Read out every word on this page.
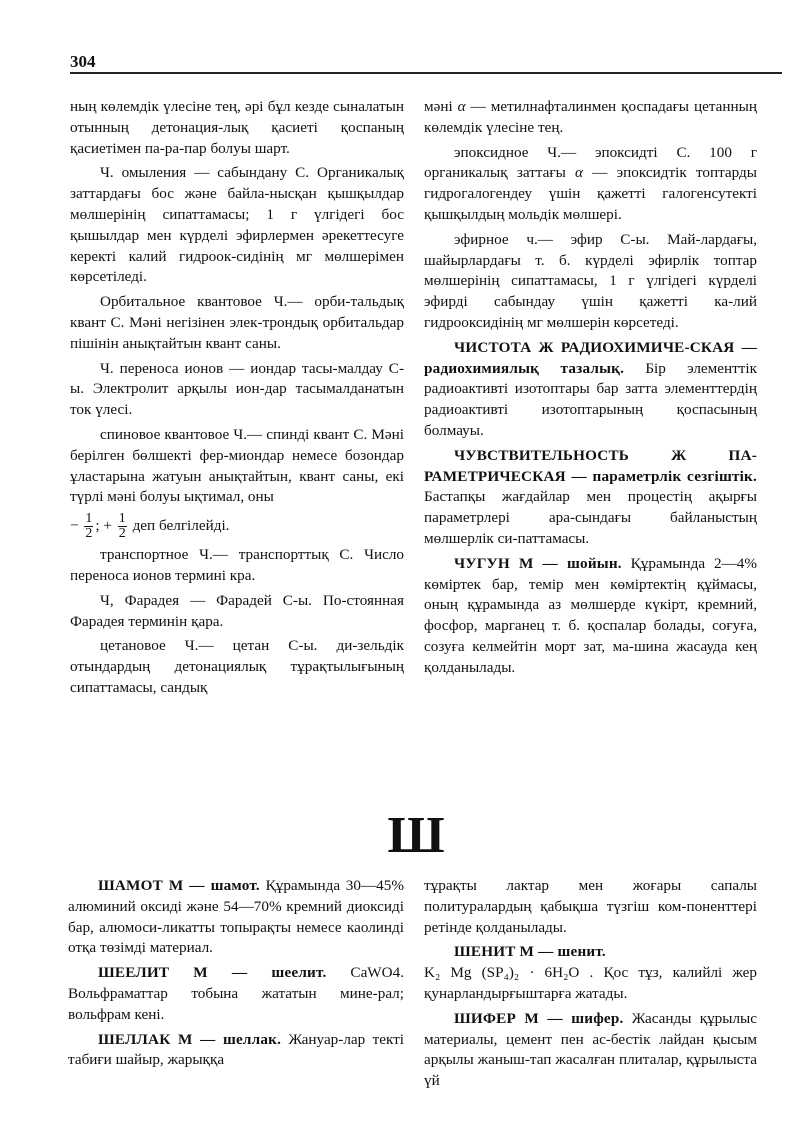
304

ның көлемдік үлесіне тең, әрі бұл кезде сыналатын отынның детонация-лық қасиеті қоспаның қасиетімен па-ра-пар болуы шарт.

Ч. омыления — сабындану С. Органикалық заттардағы бос және байла-нысқан қышқылдар мөлшерінің сипаттамасы; 1 г үлгідегі бос қышылдар мен күрделі эфирлермен әрекеттесуге керекті калий гидроок-сидінің мг мөлшерімен көрсетіледі.

Орбитальное квантовое Ч.— орби-тальдық квант С. Мәні негізінен элек-трондық орбитальдар пішінін анықтайтын квант саны.

Ч. переноса ионов — иондар тасы-малдау С-ы. Электролит арқылы ион-дар тасымалданатын ток үлесі.

спиновое квантовое Ч.— спинді квант С. Мәні берілген бөлшекті фер-миондар немесе бозондар ұластарына жатуын анықтайтын, квант саны, екі түрлі мәні болуы ықтимал, оны

− $\frac{1}{2}$ ; + $\frac{1}{2}$ деп белгілейді.

транспортное Ч.— транспорттық С. Число переноса ионов термині кра.

Ч, Фарадея — Фарадей С-ы. По-стоянная Фарадея терминін қара.

цетановое Ч.— цетан С-ы. ди-зельдік отындардың детонациялық тұрақтылығының сипаттамасы, сандық

мәні α — метилнафталинмен қоспадағы цетанның көлемдік үлесіне тең.

эпоксидное Ч.— эпоксидті С. 100 г органикалық заттағы α — эпоксидтік топтарды гидрогалогендеу үшін қажетті галогенсутекті қышқылдың мольдік мөлшері.

эфирное ч.— эфир С-ы. Май-лардағы, шайырлардағы т. б. күрделі эфирлік топтар мөлшерінің сипаттамасы, 1 г үлгідегі күрделі эфирді сабындау үшін қажетті ка-лий гидрооксидінің мг мөлшерін көрсетеді.

ЧИСТОТА Ж РАДИОХИМИЧЕ-СКАЯ — радиохимиялық тазалық. Бір элементтік радиоактивті изотоптары бар затта элементтердің радиоактивті изотоптарының қоспасының болмауы.

ЧУВСТВИТЕЛЬНОСТЬ Ж ПА-РАМЕТРИЧЕСКАЯ — параметрлік сезгіштік. Бастапқы жағдайлар мен процестің ақырғы параметрлері ара-сындағы байланыстың мөлшерлік си-паттамасы.

ЧУГУН М — шойын. Құрамында 2—4% көміртек бар, темір мен көміртектің құймасы, оның құрамында аз мөлшерде күкірт, кремний, фосфор, марганец т. б. қоспалар болады, соғуға, созуға келмейтін морт зат, ма-шина жасауда кең қолданылады.

Ш

ШАМОТ М — шамот. Құрамында 30—45% алюминий оксиді және 54—70% кремний диоксиді бар, алюмоси-ликатты топырақты немесе каолинді отқа төзімді материал.

ШЕЕЛИТ М — шеелит. CaWO4. Вольфраматтар тобына жататын мине-рал; вольфрам кені.

ШЕЛЛАК М — шеллак. Жануар-лар тектi табиғи шайыр, жарыққа

тұрақты лактар мен жоғары сапалы политуралардың қабықша түзгіш ком-поненттері ретінде қолданылады.

ШЕНИТ М — шенит.
K₂ Mg (SP₄)₂ · 6H₂O . Қос тұз, калийлі жер қунарландырғыштарға жатады.

ШИФЕР М — шифер. Жасанды құрылыс материалы, цемент пен ас-бестік лайдан қысым арқылы жаныш-тап жасалған плиталар, құрылыста үй
